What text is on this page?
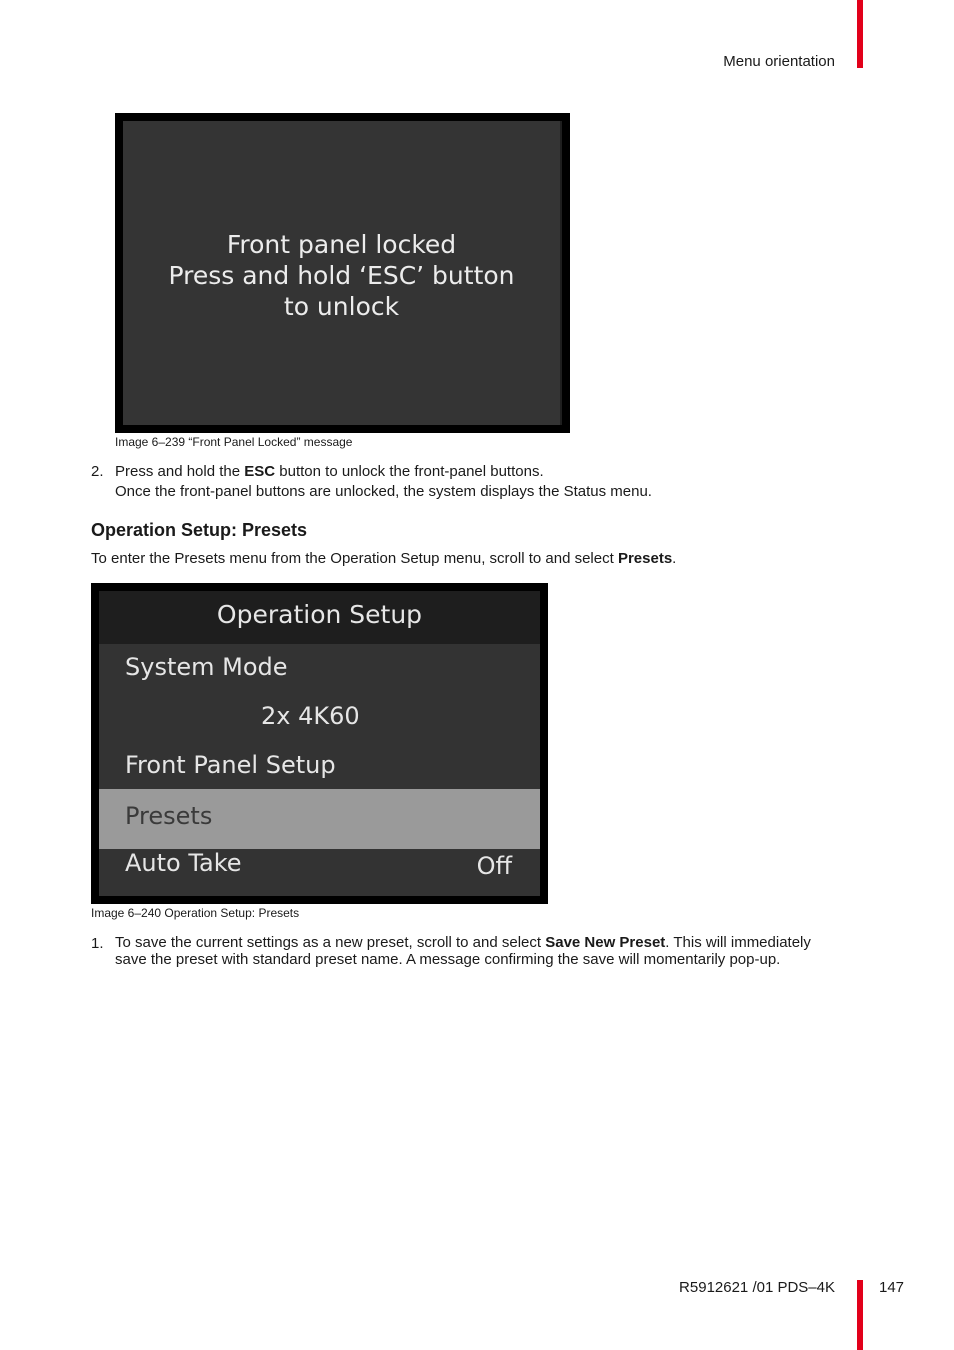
Menu orientation
Front panel locked
Press and hold ‘ESC’ button
to unlock
Image 6–239 “Front Panel Locked” message
2. Press and hold the ESC button to unlock the front-panel buttons.
Once the front-panel buttons are unlocked, the system displays the Status menu.
Operation Setup: Presets
To enter the Presets menu from the Operation Setup menu, scroll to and select Presets.
Operation Setup
System Mode
2x 4K60
Front Panel Setup
Presets
Auto Take	Off
Image 6–240 Operation Setup: Presets
1. To save the current settings as a new preset, scroll to and select Save New Preset. This will immediately
save the preset with standard preset name. A message confirming the save will momentarily pop-up.
R5912621 /01 PDS–4K	147
